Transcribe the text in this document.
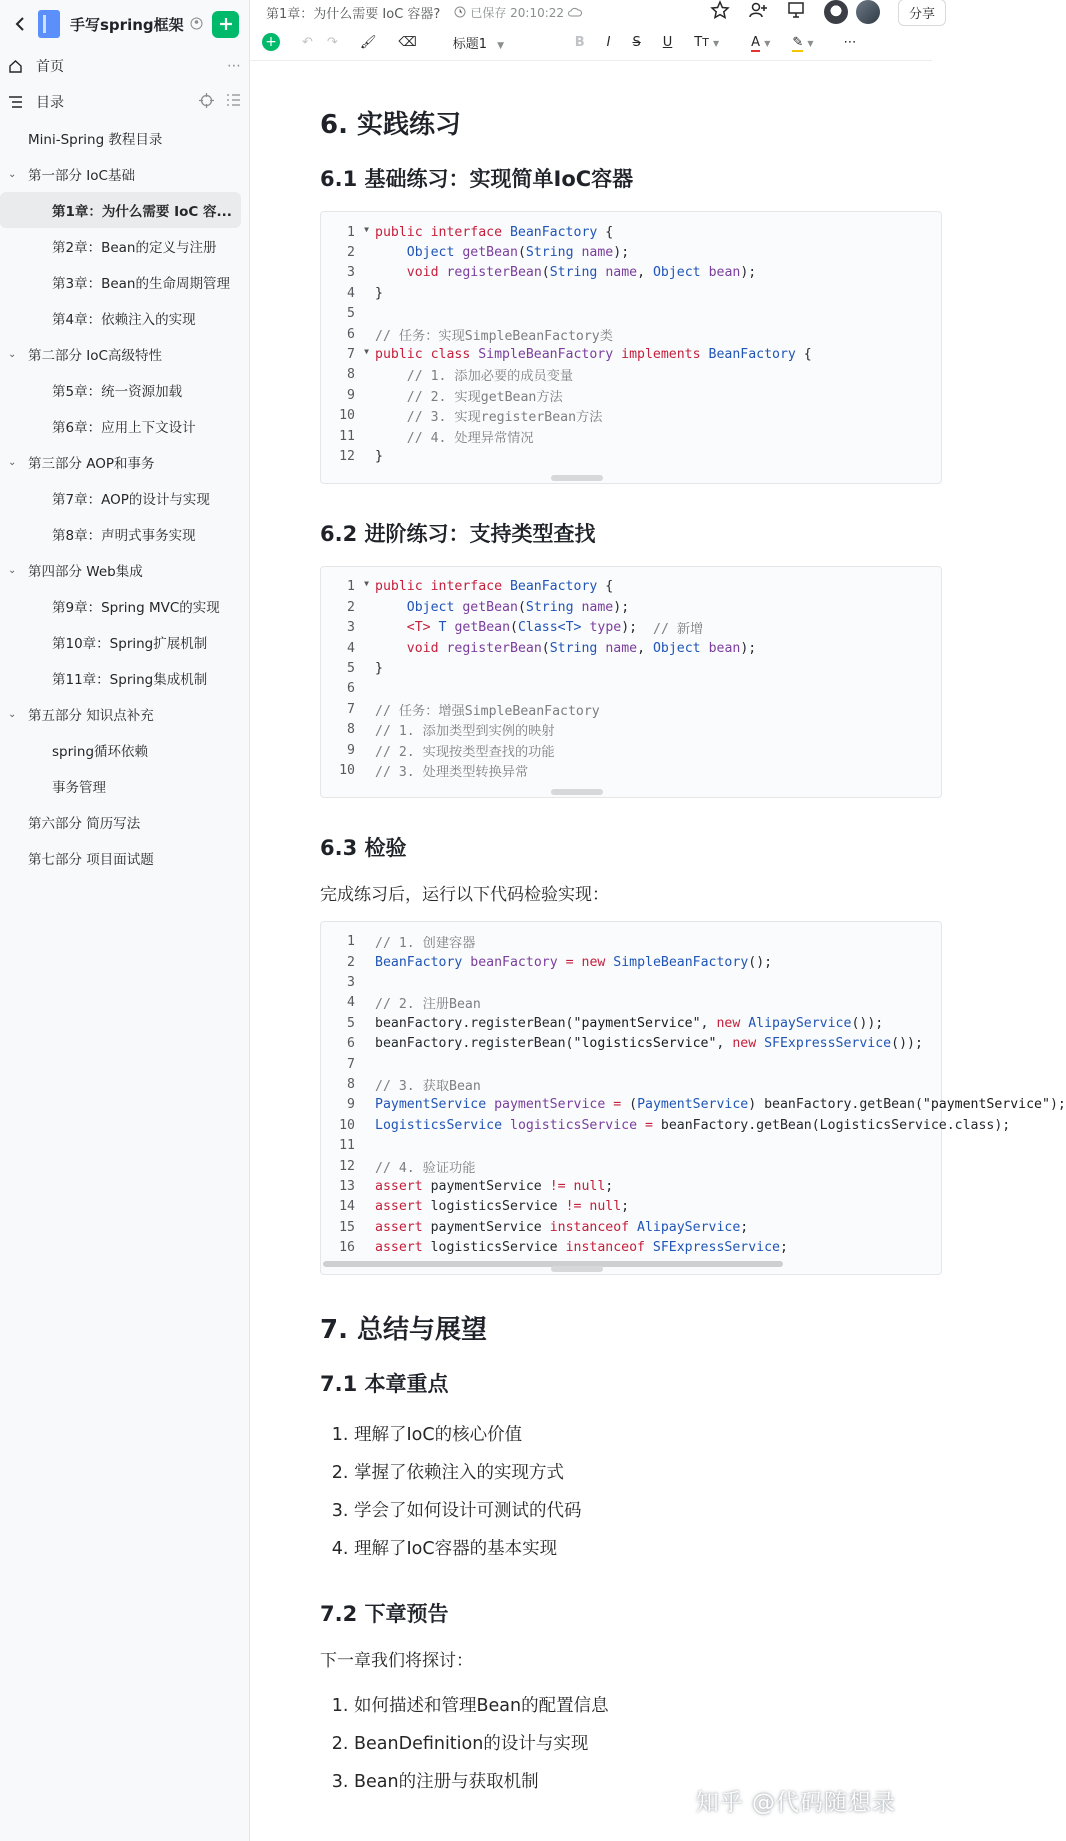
手写spring框架
首页	⋯
目录
Mini-Spring 教程目录
⌄ 第一部分 IoC基础
第1章：为什么需要 IoC 容...
第2章：Bean的定义与注册
第3章：Bean的生命周期管理
第4章：依赖注入的实现
⌄ 第二部分 IoC高级特性
第5章：统一资源加载
第6章：应用上下文设计
⌄ 第三部分 AOP和事务
第7章：AOP的设计与实现
第8章：声明式事务实现
⌄ 第四部分 Web集成
第9章：Spring MVC的实现
第10章：Spring扩展机制
第11章：Spring集成机制
⌄ 第五部分 知识点补充
spring循环依赖
事务管理
第六部分 简历写法
第七部分 项目面试题
第1章：为什么需要 IoC 容器?	已保存 20:10:22	分享
+ ↶ ↷ 🖌 ⌫	标题1 ▼	B I S U TT ▼ A ▼ ✎ ▼ ⋯
6. 实践练习
6.1 基础练习：实现简单IoC容器
1 ▼ public interface BeanFactory {
2
	Object
getBean ( String
name );
3
	void
registerBean ( String
name , Object
bean );
4	}
5
6	// 任务：实现SimpleBeanFactory类
7 ▼ public class SimpleBeanFactory
implements BeanFactory {
8	// 1. 添加必要的成员变量
9	// 2. 实现getBean方法
10	// 3. 实现registerBean方法
11	// 4. 处理异常情况
12	}
6.2 进阶练习：支持类型查找
1 ▼ public interface BeanFactory {
2
	Object
getBean ( String
name );
3
	<T>
T
getBean ( Class<T>
type ); // 新增
4
	void
registerBean ( String
name , Object
bean );
5	}
6
7	// 任务：增强SimpleBeanFactory
8	// 1. 添加类型到实例的映射
9	// 2. 实现按类型查找的功能
10	// 3. 处理类型转换异常
6.3 检验

完成练习后，运行以下代码检验实现：

1	// 1. 创建容器
2	BeanFactory
beanFactory
=
new
SimpleBeanFactory ();
3
4	// 2. 注册Bean
5	beanFactory.registerBean( "paymentService" , new
AlipayService ());
6	beanFactory.registerBean( "logisticsService" , new
SFExpressService ());
7
8	// 3. 获取Bean
9	PaymentService
paymentService
= ( PaymentService ) beanFactory.getBean( "paymentService" );
10	LogisticsService
logisticsService
= beanFactory.getBean(LogisticsService.class);
11
12	// 4. 验证功能
13	assert paymentService !=
null ;
14	assert logisticsService !=
null ;
15	assert paymentService instanceof
AlipayService ;
16	assert logisticsService instanceof
SFExpressService ;
7. 总结与展望
7.1 本章重点
1. 理解了IoC的核心价值
2. 掌握了依赖注入的实现方式
3. 学会了如何设计可测试的代码
4. 理解了IoC容器的基本实现
7.2 下章预告

下一章我们将探讨：

1. 如何描述和管理Bean的配置信息
2. BeanDefinition的设计与实现
3. Bean的注册与获取机制
知乎 @代码随想录
